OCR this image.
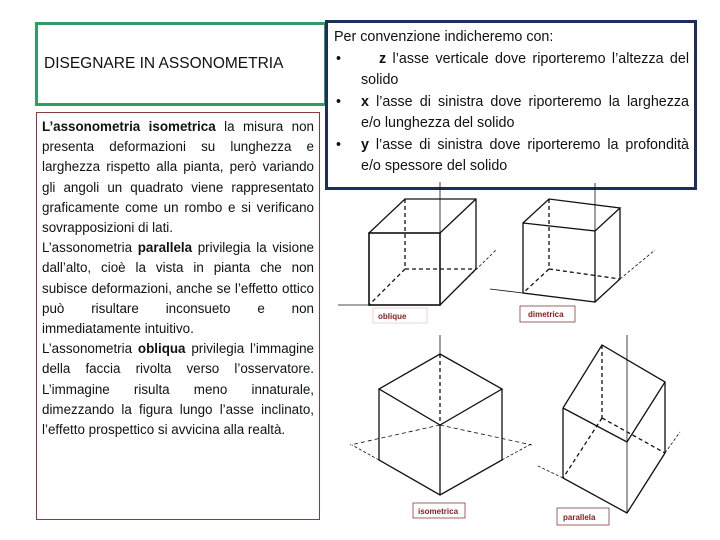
DISEGNARE IN ASSONOMETRIA

L’assonometria isometrica la misura non presenta deformazioni su lunghezza e larghezza rispetto alla pianta, però variando gli angoli un quadrato viene rappresentato graficamente come un rombo e si verificano sovrapposizioni di lati.

L’assonometria parallela privilegia la visione dall’alto, cioè la vista in pianta che non subisce deformazioni, anche se l’effetto ottico può risultare inconsueto e non immediatamente intuitivo.

L’assonometria obliqua privilegia l’immagine della faccia rivolta verso l’osservatore. L’immagine risulta meno innaturale, dimezzando la figura lungo l’asse inclinato, l’effetto prospettico si avvicina alla realtà.

Per convenzione indicheremo con:
• z l’asse verticale dove riporteremo l’altezza del solido
• x l’asse di sinistra dove riporteremo la larghezza e/o lunghezza del solido
• y l’asse di sinistra dove riporteremo la profondità e/o spessore del solido
oblique	dimetrica
isometrica
parallela
